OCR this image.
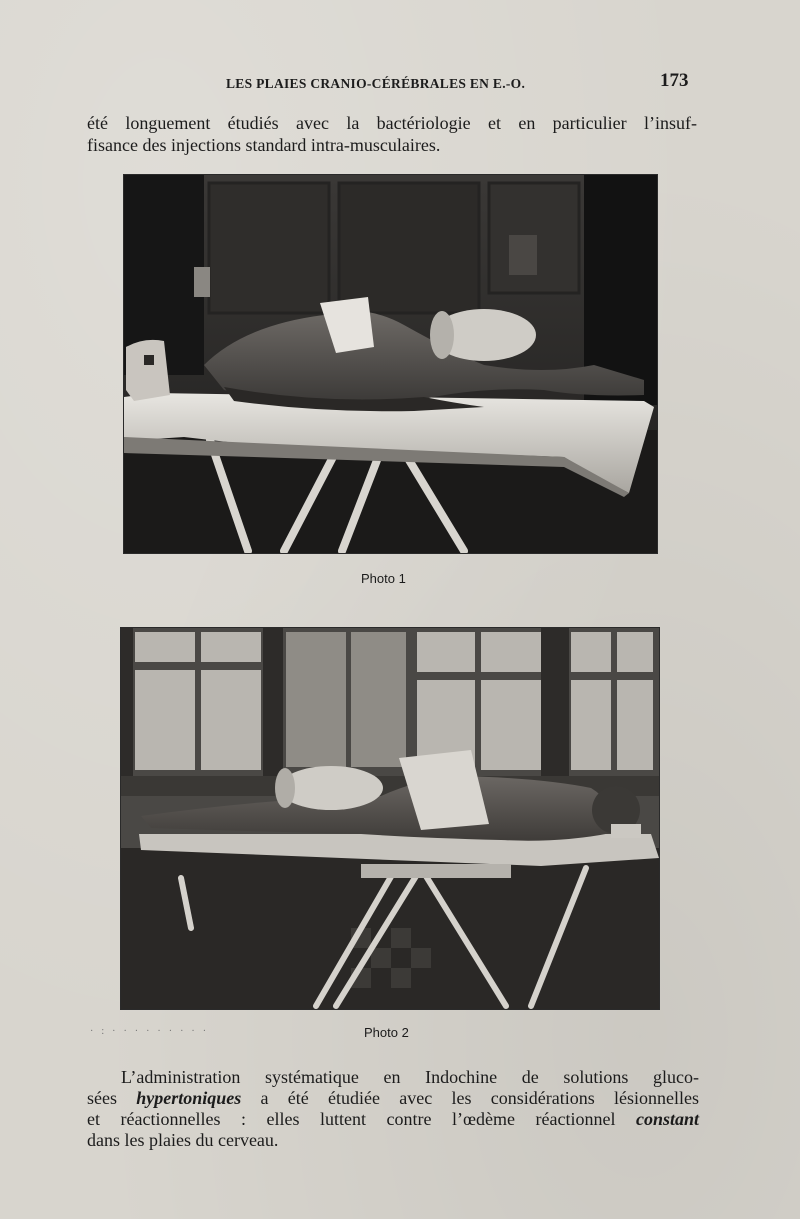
LES PLAIES CRANIO-CÉRÉBRALES EN E.-O.	173
été longuement étudiés avec la bactériologie et en particulier l’insuf-
fisance des injections standard intra-musculaires.
Photo 1
·:·········	Photo 2
L’administration systématique en Indochine de solutions gluco-
sées hypertoniques a été étudiée avec les considérations lésionnelles
et réactionnelles : elles luttent contre l’œdème réactionnel constant
dans les plaies du cerveau.
